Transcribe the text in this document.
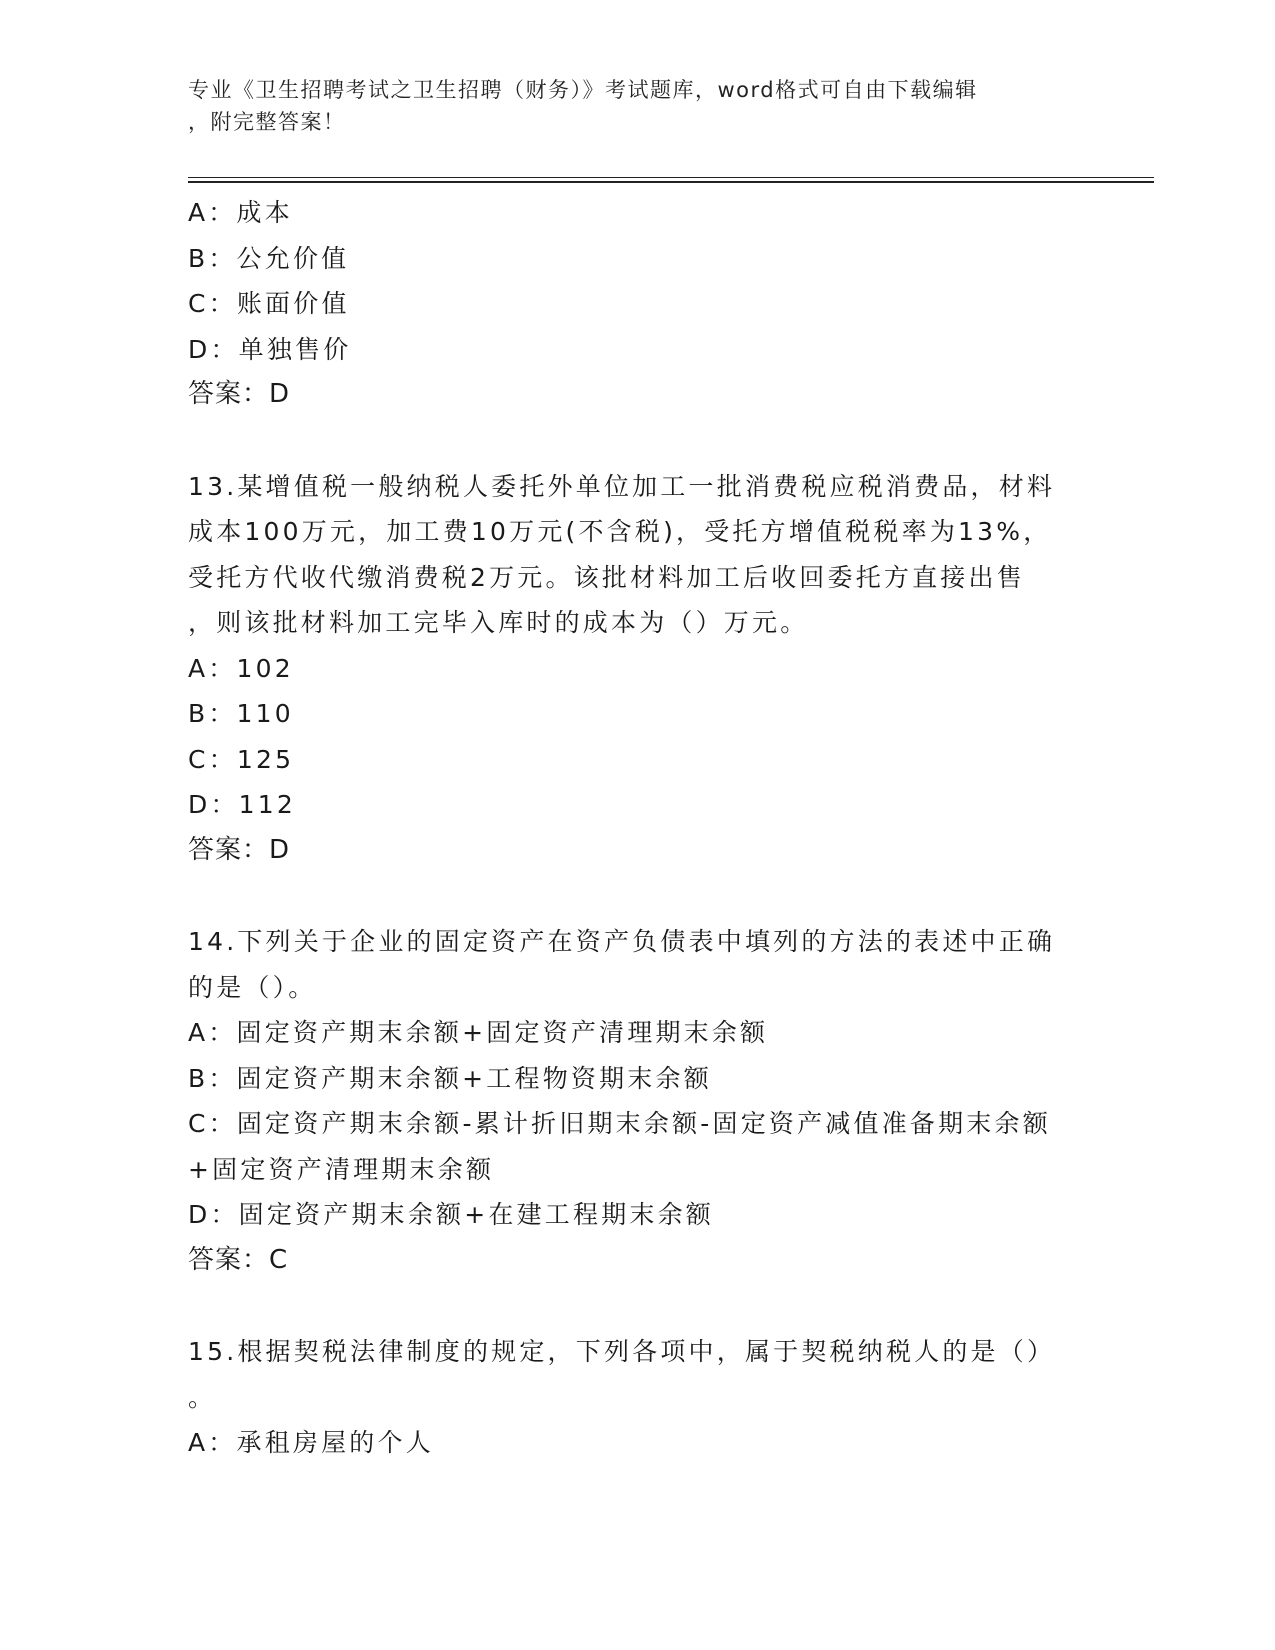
专业《卫生招聘考试之卫生招聘（财务）》考试题库，word格式可自由下载编辑
，附完整答案！
A：成本
B：公允价值
C：账面价值
D：单独售价
答案：D
13.某增值税一般纳税人委托外单位加工一批消费税应税消费品，材料
成本100万元，加工费10万元(不含税)，受托方增值税税率为13%，
受托方代收代缴消费税2万元。该批材料加工后收回委托方直接出售
，则该批材料加工完毕入库时的成本为（）万元。
A：102
B：110
C：125
D：112
答案：D
14.下列关于企业的固定资产在资产负债表中填列的方法的表述中正确
的是（）。
A：固定资产期末余额+固定资产清理期末余额
B：固定资产期末余额+工程物资期末余额
C：固定资产期末余额-累计折旧期末余额-固定资产减值准备期末余额
+固定资产清理期末余额
D：固定资产期末余额+在建工程期末余额
答案：C
15.根据契税法律制度的规定，下列各项中，属于契税纳税人的是（）
。
A：承租房屋的个人
